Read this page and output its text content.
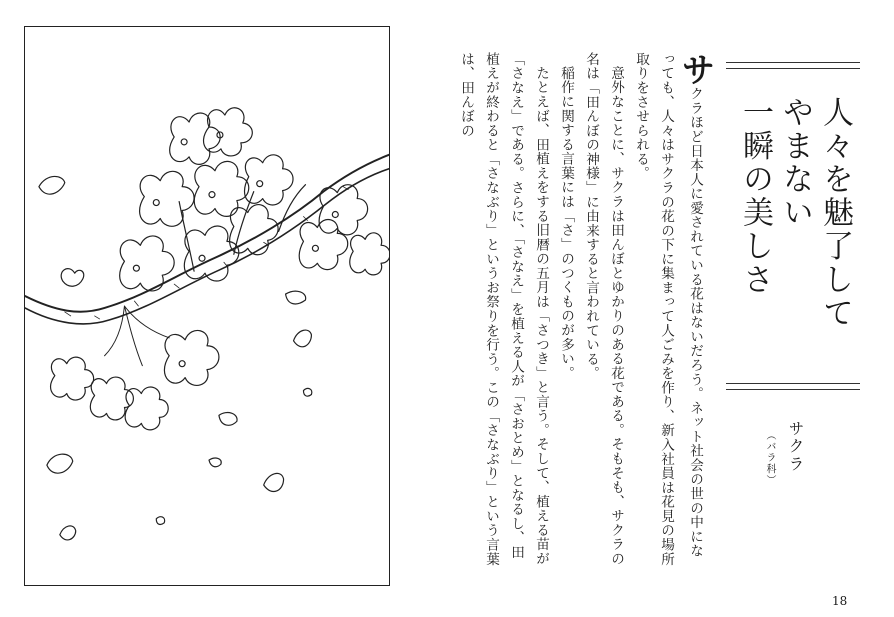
サクラほど日本人に愛されている花はないだろう。ネット社会の世の中になっても、人々はサクラの花の下に集まって人ごみを作り、新入社員は花見の場所取りをさせられる。

意外なことに、サクラは田んぼとゆかりのある花である。そもそも、サクラの名は「田んぼの神様」に由来すると言われている。

稲作に関する言葉には「さ」のつくものが多い。

たとえば、田植えをする旧暦の五月は「さつき」と言う。そして、植える苗が「さなえ」である。さらに、「さなえ」を植える人が「さおとめ」となるし、田植えが終わると「さなぶり」というお祭りを行う。この「さなぶり」という言葉は、田んぼの

人々を魅了して
やまない
一瞬の美しさ
サクラ
（バラ科）
18
